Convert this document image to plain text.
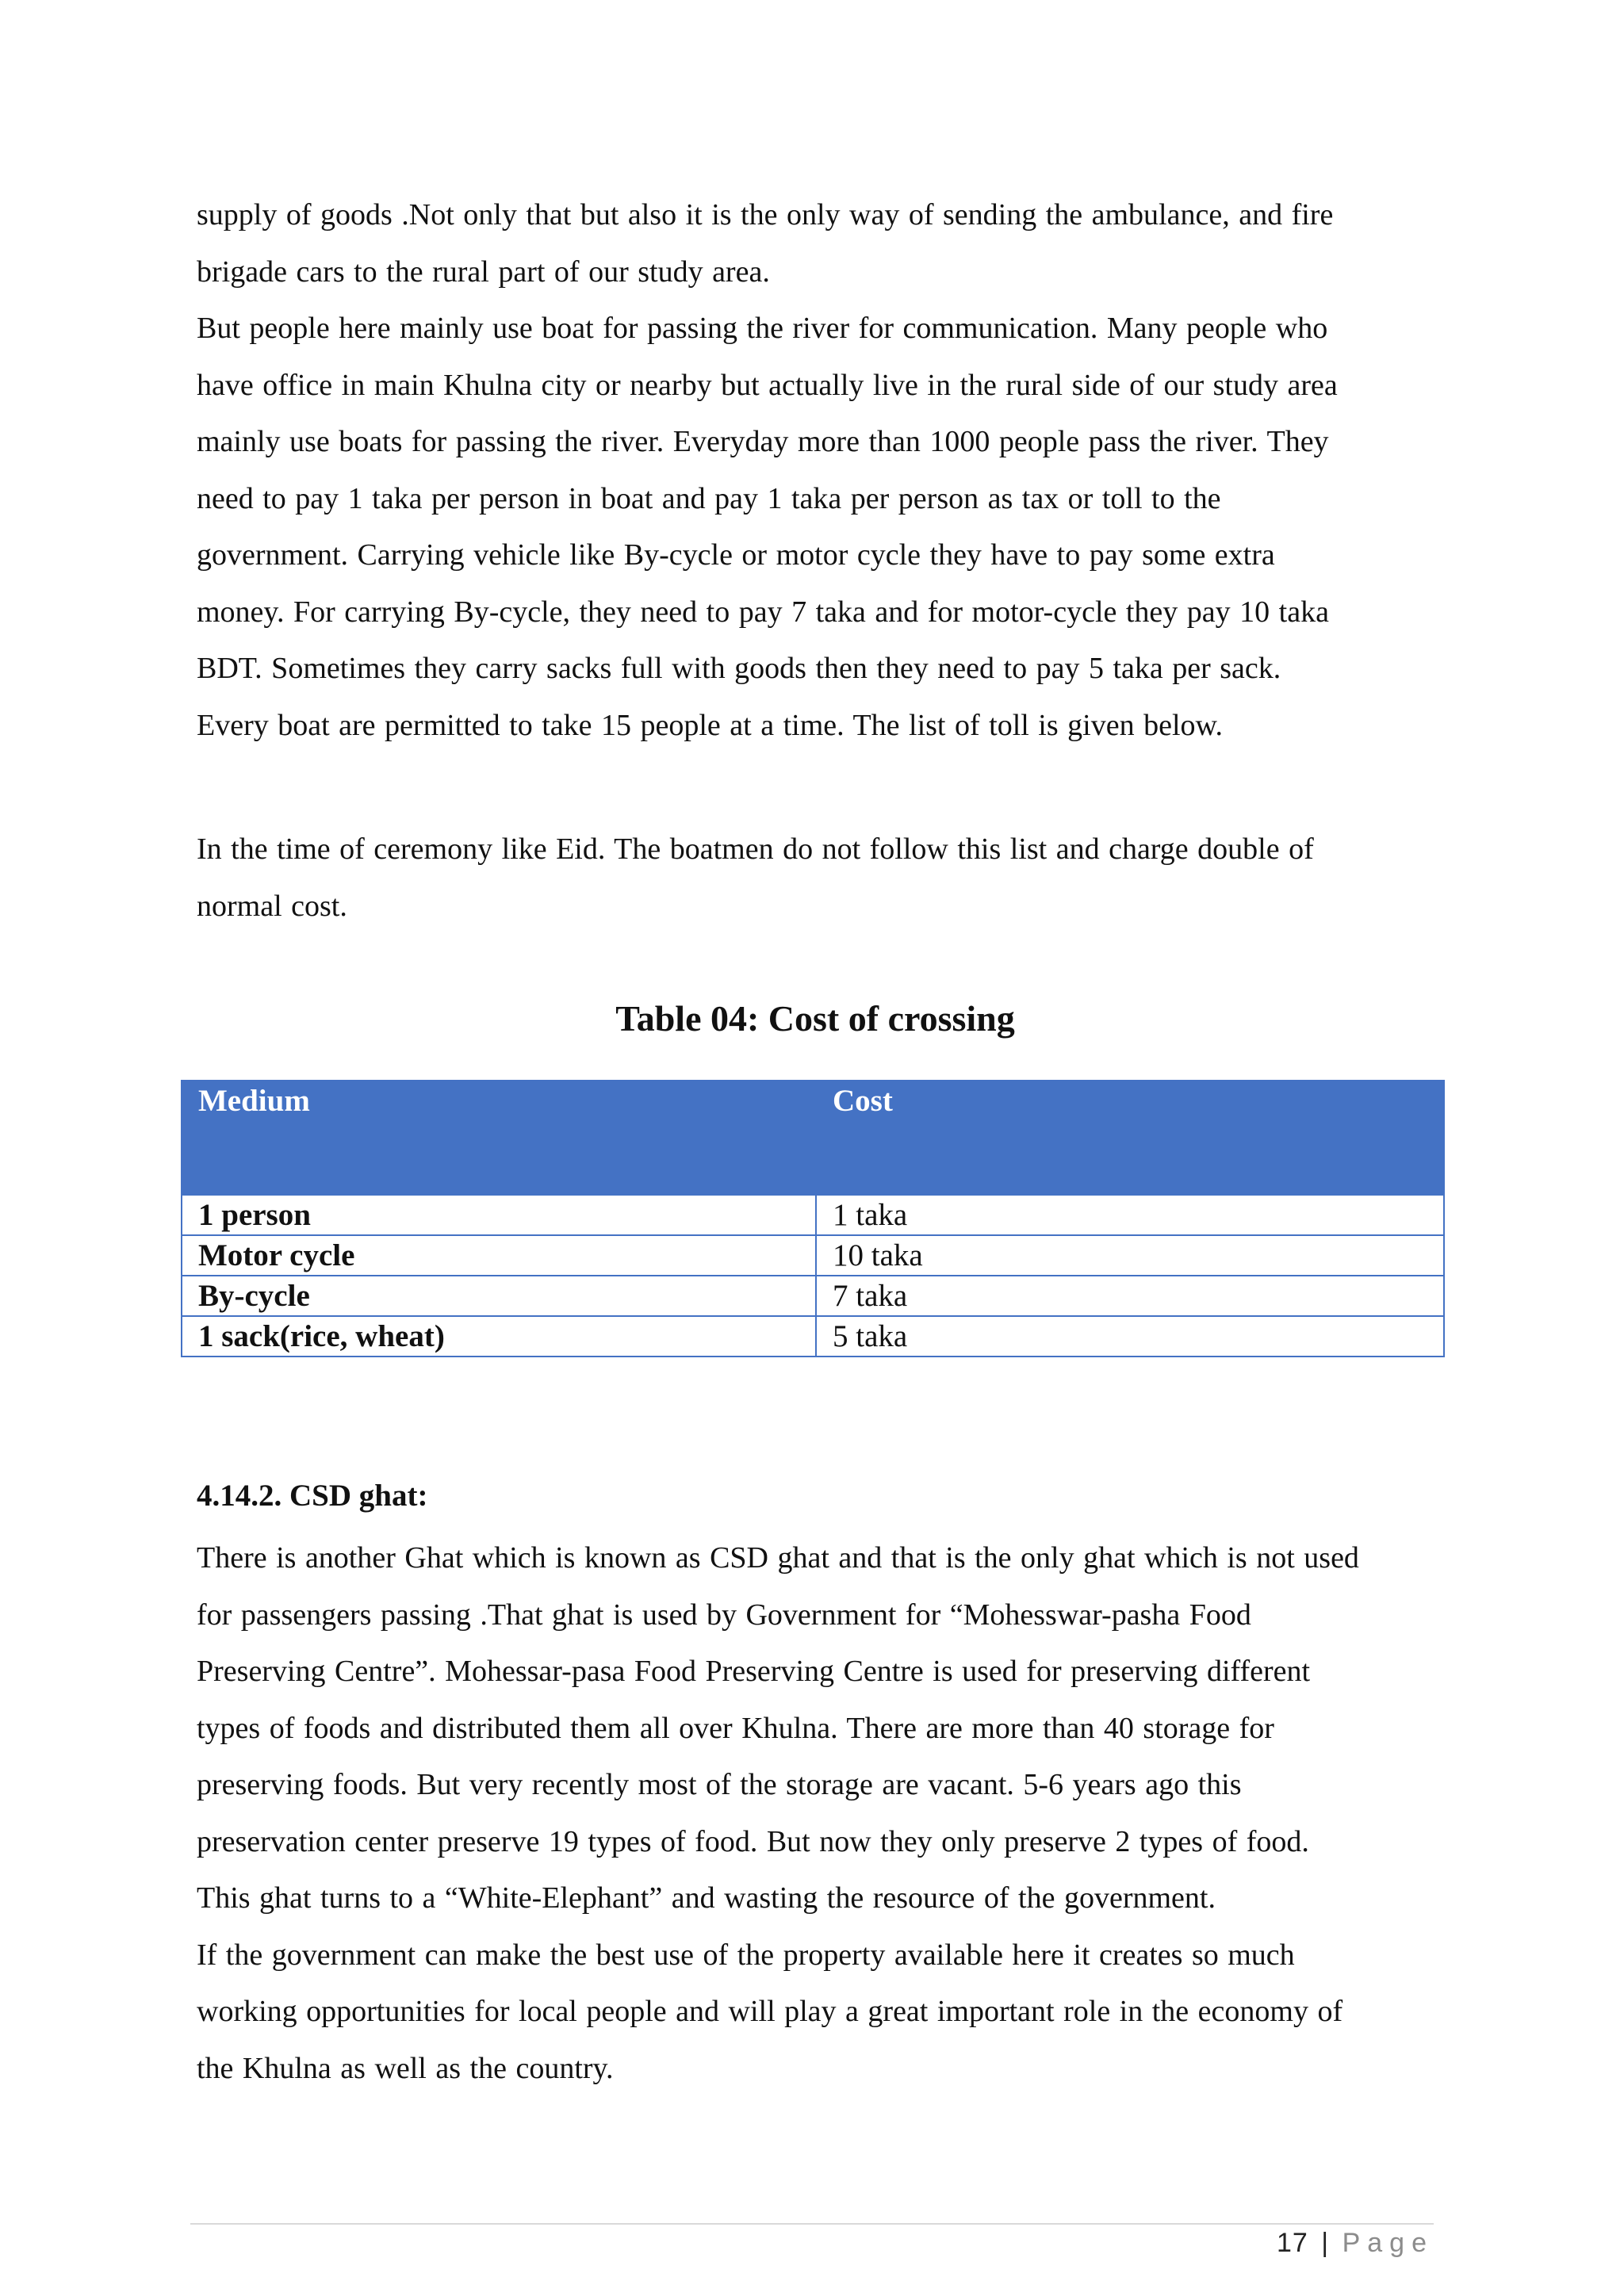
supply of goods .Not only that but also it is the only way of sending the ambulance, and fire

brigade cars to the rural part of our study area.

But people here mainly use boat for passing the river for communication. Many people who

have office in main Khulna city or nearby but actually live in the rural side of our study area

mainly use boats for passing the river. Everyday more than 1000 people pass the river. They

need to pay 1 taka per person in boat and pay 1 taka per person as tax or toll to the

government. Carrying vehicle like By-cycle or motor cycle they have to pay some extra

money. For carrying By-cycle, they need to pay 7 taka and for motor-cycle they pay 10 taka

BDT. Sometimes they carry sacks full with goods then they need to pay 5 taka per sack.

Every boat are permitted to take 15 people at a time. The list of toll is given below.

In the time of ceremony like Eid. The boatmen do not follow this list and charge double of

normal cost.

Table 04: Cost of crossing
Medium	Cost
1 person	1 taka
Motor cycle	10 taka
By-cycle	7 taka
1 sack(rice, wheat)	5 taka
4.14.2. CSD ghat:

There is another Ghat which is known as CSD ghat and that is the only ghat which is not used

for passengers passing .That ghat is used by Government for “Mohesswar-pasha Food

Preserving Centre”. Mohessar-pasa Food Preserving Centre is used for preserving different

types of foods and distributed them all over Khulna. There are more than 40 storage for

preserving foods. But very recently most of the storage are vacant. 5-6 years ago this

preservation center preserve 19 types of food. But now they only preserve 2 types of food.

This ghat turns to a “White-Elephant” and wasting the resource of the government.

If the government can make the best use of the property available here it creates so much

working opportunities for local people and will play a great important role in the economy of

the Khulna as well as the country.

17 | Page
